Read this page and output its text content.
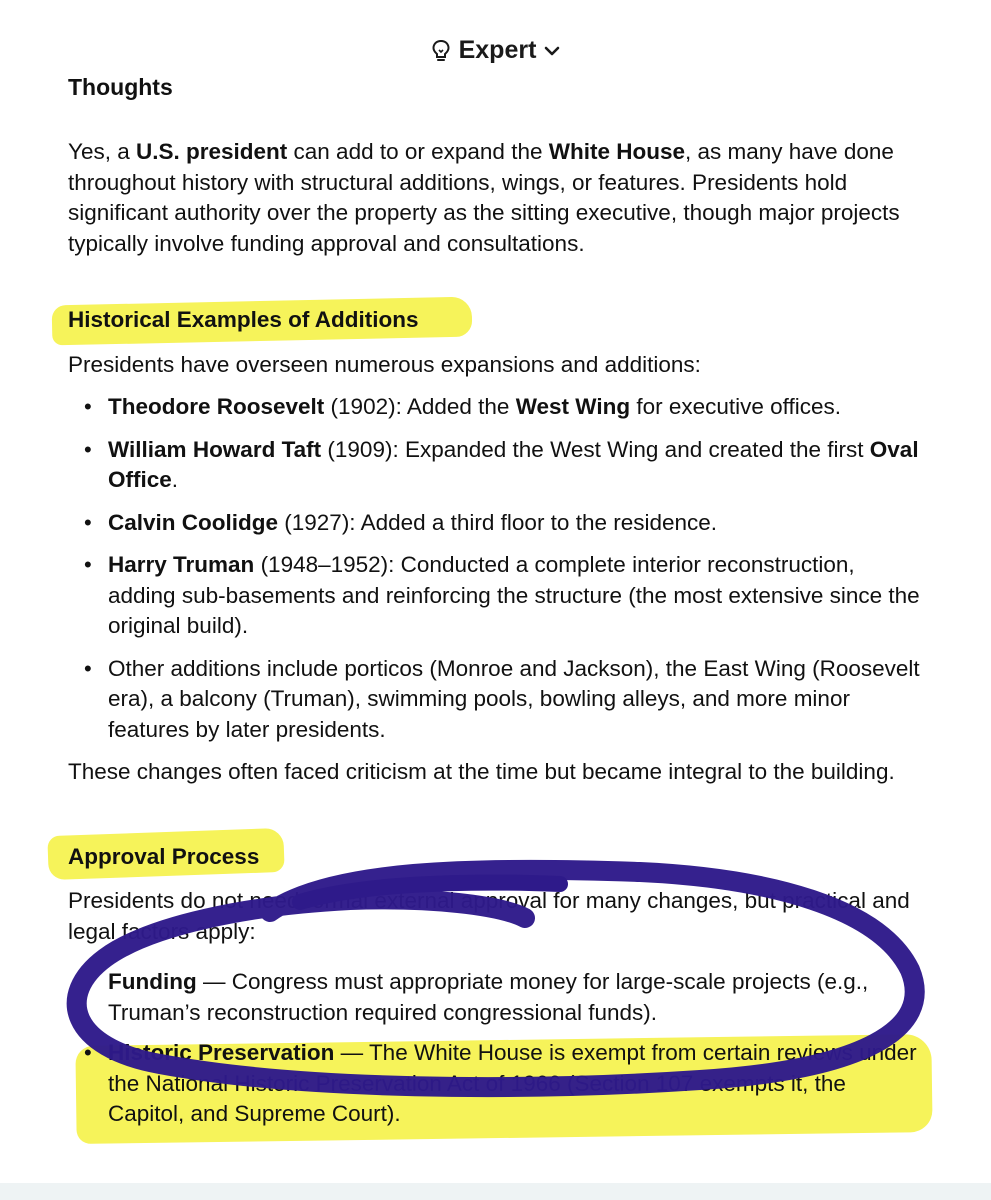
Expert
Thoughts

Yes, a U.S. president can add to or expand the White House, as many have done throughout history with structural additions, wings, or features. Presidents hold significant authority over the property as the sitting executive, though major projects typically involve funding approval and consultations.

Historical Examples of Additions

Presidents have overseen numerous expansions and additions:

• Theodore Roosevelt (1902): Added the West Wing for executive offices.
• William Howard Taft (1909): Expanded the West Wing and created the first Oval Office.
• Calvin Coolidge (1927): Added a third floor to the residence.
• Harry Truman (1948–1952): Conducted a complete interior reconstruction, adding sub-basements and reinforcing the structure (the most extensive since the original build).
• Other additions include porticos (Monroe and Jackson), the East Wing (Roosevelt era), a balcony (Truman), swimming pools, bowling alleys, and more minor features by later presidents.

These changes often faced criticism at the time but became integral to the building.

Approval Process

Presidents do not need formal external approval for many changes, but practical and legal factors apply:

Funding — Congress must appropriate money for large-scale projects (e.g., Truman’s reconstruction required congressional funds).
• Historic Preservation — The White House is exempt from certain reviews under the National Historic Preservation Act of 1966 (Section 107 exempts it, the Capitol, and Supreme Court).
